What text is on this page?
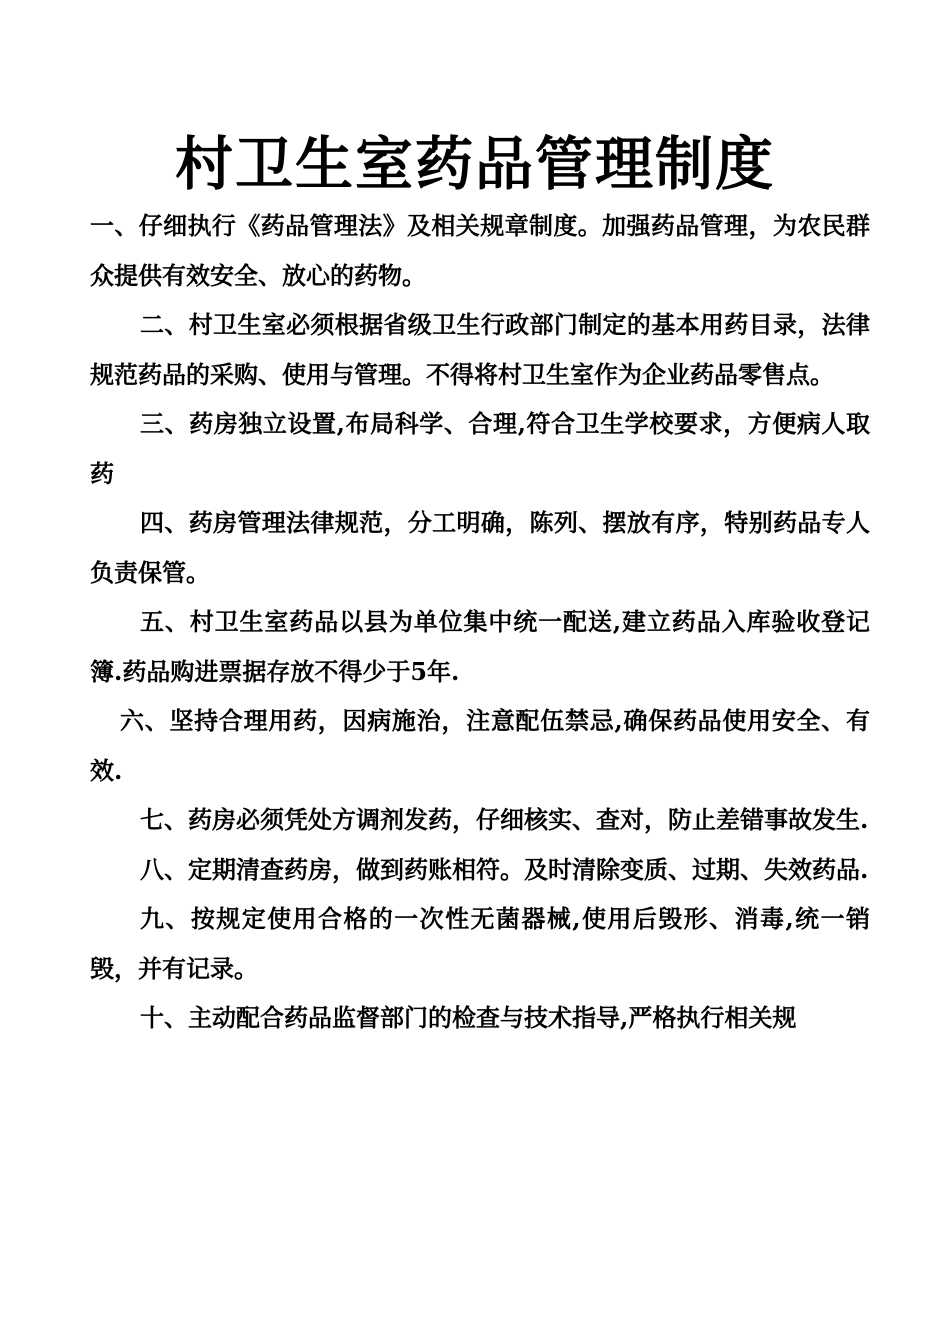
村卫生室药品管理制度

一、仔细执行《药品管理法》及相关规章制度。加强药品管理，为农民群众提供有效安全、放心的药物。

二、村卫生室必须根据省级卫生行政部门制定的基本用药目录，法律规范药品的采购、使用与管理。不得将村卫生室作为企业药品零售点。

三、药房独立设置,布局科学、合理,符合卫生学校要求，方便病人取药

四、药房管理法律规范，分工明确，陈列、摆放有序，特别药品专人负责保管。

五、村卫生室药品以县为单位集中统一配送,建立药品入库验收登记簿.药品购进票据存放不得少于5年.

六、坚持合理用药，因病施治，注意配伍禁忌,确保药品使用安全、有效.

七、药房必须凭处方调剂发药，仔细核实、查对，防止差错事故发生.

八、定期清查药房，做到药账相符。及时清除变质、过期、失效药品.

九、按规定使用合格的一次性无菌器械,使用后毁形、消毒,统一销毁，并有记录。

十、主动配合药品监督部门的检查与技术指导,严格执行相关规
